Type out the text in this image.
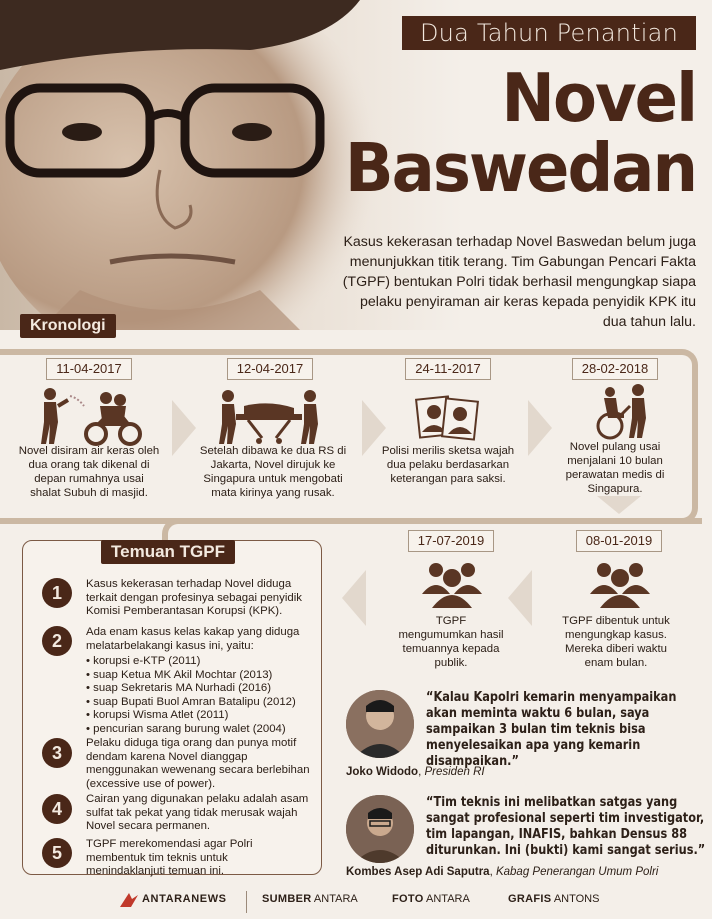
Dua Tahun Penantian
Novel
Baswedan
Kasus kekerasan terhadap Novel Baswedan belum juga menunjukkan titik terang. Tim Gabungan Pencari Fakta (TGPF) bentukan Polri tidak berhasil mengungkap siapa pelaku penyiraman air keras kepada penyidik KPK itu dua tahun lalu.
Kronologi
11-04-2017
Novel disiram air keras oleh dua orang tak dikenal di depan rumahnya usai shalat Subuh di masjid.
12-04-2017
Setelah dibawa ke dua RS di Jakarta, Novel dirujuk ke Singapura untuk mengobati mata kirinya yang rusak.
24-11-2017
Polisi merilis sketsa wajah dua pelaku berdasarkan keterangan para saksi.
28-02-2018
Novel pulang usai menjalani 10 bulan perawatan medis di Singapura.
08-01-2019
TGPF dibentuk untuk mengungkap kasus. Mereka diberi waktu enam bulan.
17-07-2019
TGPF mengumumkan hasil temuannya kepada publik.
Temuan TGPF
1	Kasus kekerasan terhadap Novel diduga terkait dengan profesinya sebagai penyidik Komisi Pemberantasan Korupsi (KPK).
2	Ada enam kasus kelas kakap yang diduga melatarbelakangi kasus ini, yaitu:
• korupsi e-KTP (2011)
• suap Ketua MK Akil Mochtar (2013)
• suap Sekretaris MA Nurhadi (2016)
• suap Bupati Buol Amran Batalipu (2012)
• korupsi Wisma Atlet (2011)
• pencurian sarang burung walet (2004)
3	Pelaku diduga tiga orang dan punya motif dendam karena Novel dianggap menggunakan wewenang secara berlebihan (excessive use of power).
4	Cairan yang digunakan pelaku adalah asam sulfat tak pekat yang tidak merusak wajah Novel secara permanen.
5	TGPF merekomendasi agar Polri membentuk tim teknis untuk menindaklanjuti temuan ini.
“Kalau Kapolri kemarin menyampaikan akan meminta waktu 6 bulan, saya sampaikan 3 bulan tim teknis bisa menyelesaikan apa yang kemarin disampaikan.”
Joko Widodo, Presiden RI
“Tim teknis ini melibatkan satgas yang sangat profesional seperti tim investigator, tim lapangan, INAFIS, bahkan Densus 88 diturunkan. Ini (bukti) kami sangat serius.”
Kombes Asep Adi Saputra, Kabag Penerangan Umum Polri
ANTARANEWS	SUMBER ANTARA	FOTO ANTARA	GRAFIS ANTONS
